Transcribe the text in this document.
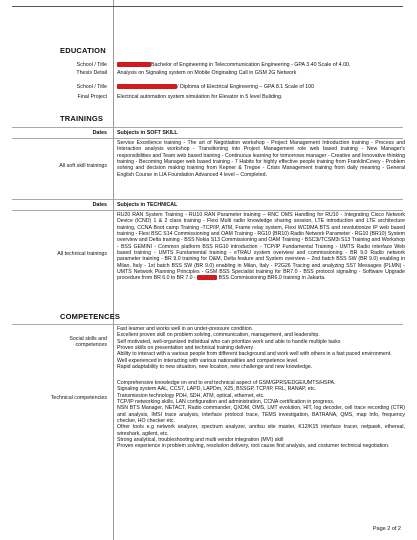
EDUCATION
School / Title	Bachelor of Engineering in Telecommunication Engineering - GPA 3.40 Scale of 4.00.
Thesis Detail Analysis on Signaling system on Mobile Originating Call in GSM 2G Network
School / Title	/ Diploma of Electrical Engineering – GPA 8.1 Scale of 100
Final Project Electrical automation system simulation for Elevator in 5 level Building.
TRAININGS
Dates Subjects in SOFT SKILL
All soft skill trainings
Service Excellence training - The art of Negotiation workshop - Project Management Introduction training - Process and Interaction analysis workshop - Transitioning into Project Management role web based training - New Manager's responsibilities and Team web based training - Continuous learning for tomorrows manager - Creative and Innovative thinking training - Becoming Manager web based training - 7 Habits for highly effective people training from FranklinCovey - Problem solving and decision making training from Kepner & Tregoe - Crisis Management training from daily meaning - General English Course in LIA Foundation Advanced 4 level – Completed.
Dates Subjects in TECHNICAL
All technical trainings
RU20 RAN System Training - RU10 RAN Parameter training – RNC OMS Handling for RU10 - Integrating Cisco Network Device (ICND) 1 & 2 class training - Flexi Multi radio knowledge sharing session, LTE introduction and LTE architecture training, CCNA Boot camp Training -TCP/IP, ATM, Frame relay system, Flexi WCDMA BTS and revolutionize IP web based training - Flexi BSC S14 Commissioning and OAM Training - RG10 (BR10) Radio Network Parameter - RG10 (BR10) System overview and Delta training - BSS Nokia S13 Commissioning and OAM Training - BSC3i/TCSM3i S13 Training and Workshop - BSS GEMINI - Common platform BSS RG10 introduction - TCP/IP Fundamental Training - UMTS Radio interface Web based training - UMTS Fundamental training - eTRAU system overview and commissioning - BR 9.0 Radio network parameter training - BR 9.0 training for O&M, Delta feature and System overview – 2nd batch BSS SW (BR 9.0) enabling in Milan, Italy - 1st batch BSS SW (BR 9.0) enabling in Milan, Italy - P2G26 Tracing and analyzing SS7 Messages (PLMN) - UMTS Network Planning Principles - GSM BSS Specialist training for BR7.0 - BSS protocol signaling - Software Upgrade procedure from BR 6.0 to BR 7.0 -	BSS Commissioning BR6.0 training in Jakarta.
COMPETENCES
Social skills and
competences
Fast learner and works well in an under-pressure condition.
Excellent proven skill on problem solving, communication, management, and leadership.
Self motivated, well-organized individual who can prioritize work and able to handle multiple tasks
Proven skills on presentation and technical training delivery
Ability to interact with a various people from different background and work well with others in a fast paced environment.
Well experienced in interacting with various nationalities and competence level.
Rapid adaptability to new situation, new location, new challenge and new knowledge.
Technical competencies
Comprehensive knowledge on end to end technical aspect of GSM/GPRS/EDGE/UMTS/HSPA.
Signaling system AAL, CCS7, LAPD, LAPDm, X25, BSSGP, TCP/IP, FRL, RANAP, etc.
Transmission technology PDH, SDH, ATM, optical, ethernet, etc.
TCP/IP networking skills, LAN configuration and administration, CCNA certification in progress.
NSN BTS Manager, NETACT, Radio commander, QXDM, OMS, LMT evolution, HIT, log decoder, cell trace recording (CTR) and analysis, IMSI trace analysis, interface protocol trace, TEMS investigation, BATRANA, QMS, map Info, frequency checker, HO checker etc.
Other tools e.g network analyzer, spectrum analyzer, anritsu site master, K12/K15 interface tracer, netpawk, ethereal, wireshark, agilent, etc.
Strong analytical, troubleshooting and multi vendor integration (MVI) skill
Proven experience in problem solving, resolution delivery, root cause first analysis, and costumer technical negotiation.
Page 2 of 2
